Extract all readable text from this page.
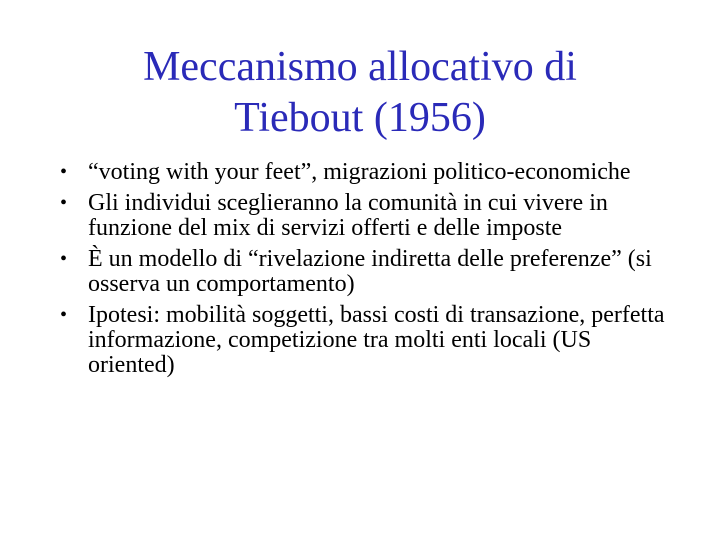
Meccanismo allocativo di
Tiebout (1956)
• “voting with your feet”, migrazioni politico-economiche
• Gli individui sceglieranno la comunità in cui vivere in funzione del mix di servizi offerti e delle imposte
• È un modello di “rivelazione indiretta delle preferenze” (si osserva un comportamento)
• Ipotesi: mobilità soggetti, bassi costi di transazione, perfetta informazione, competizione tra molti enti locali (US oriented)
